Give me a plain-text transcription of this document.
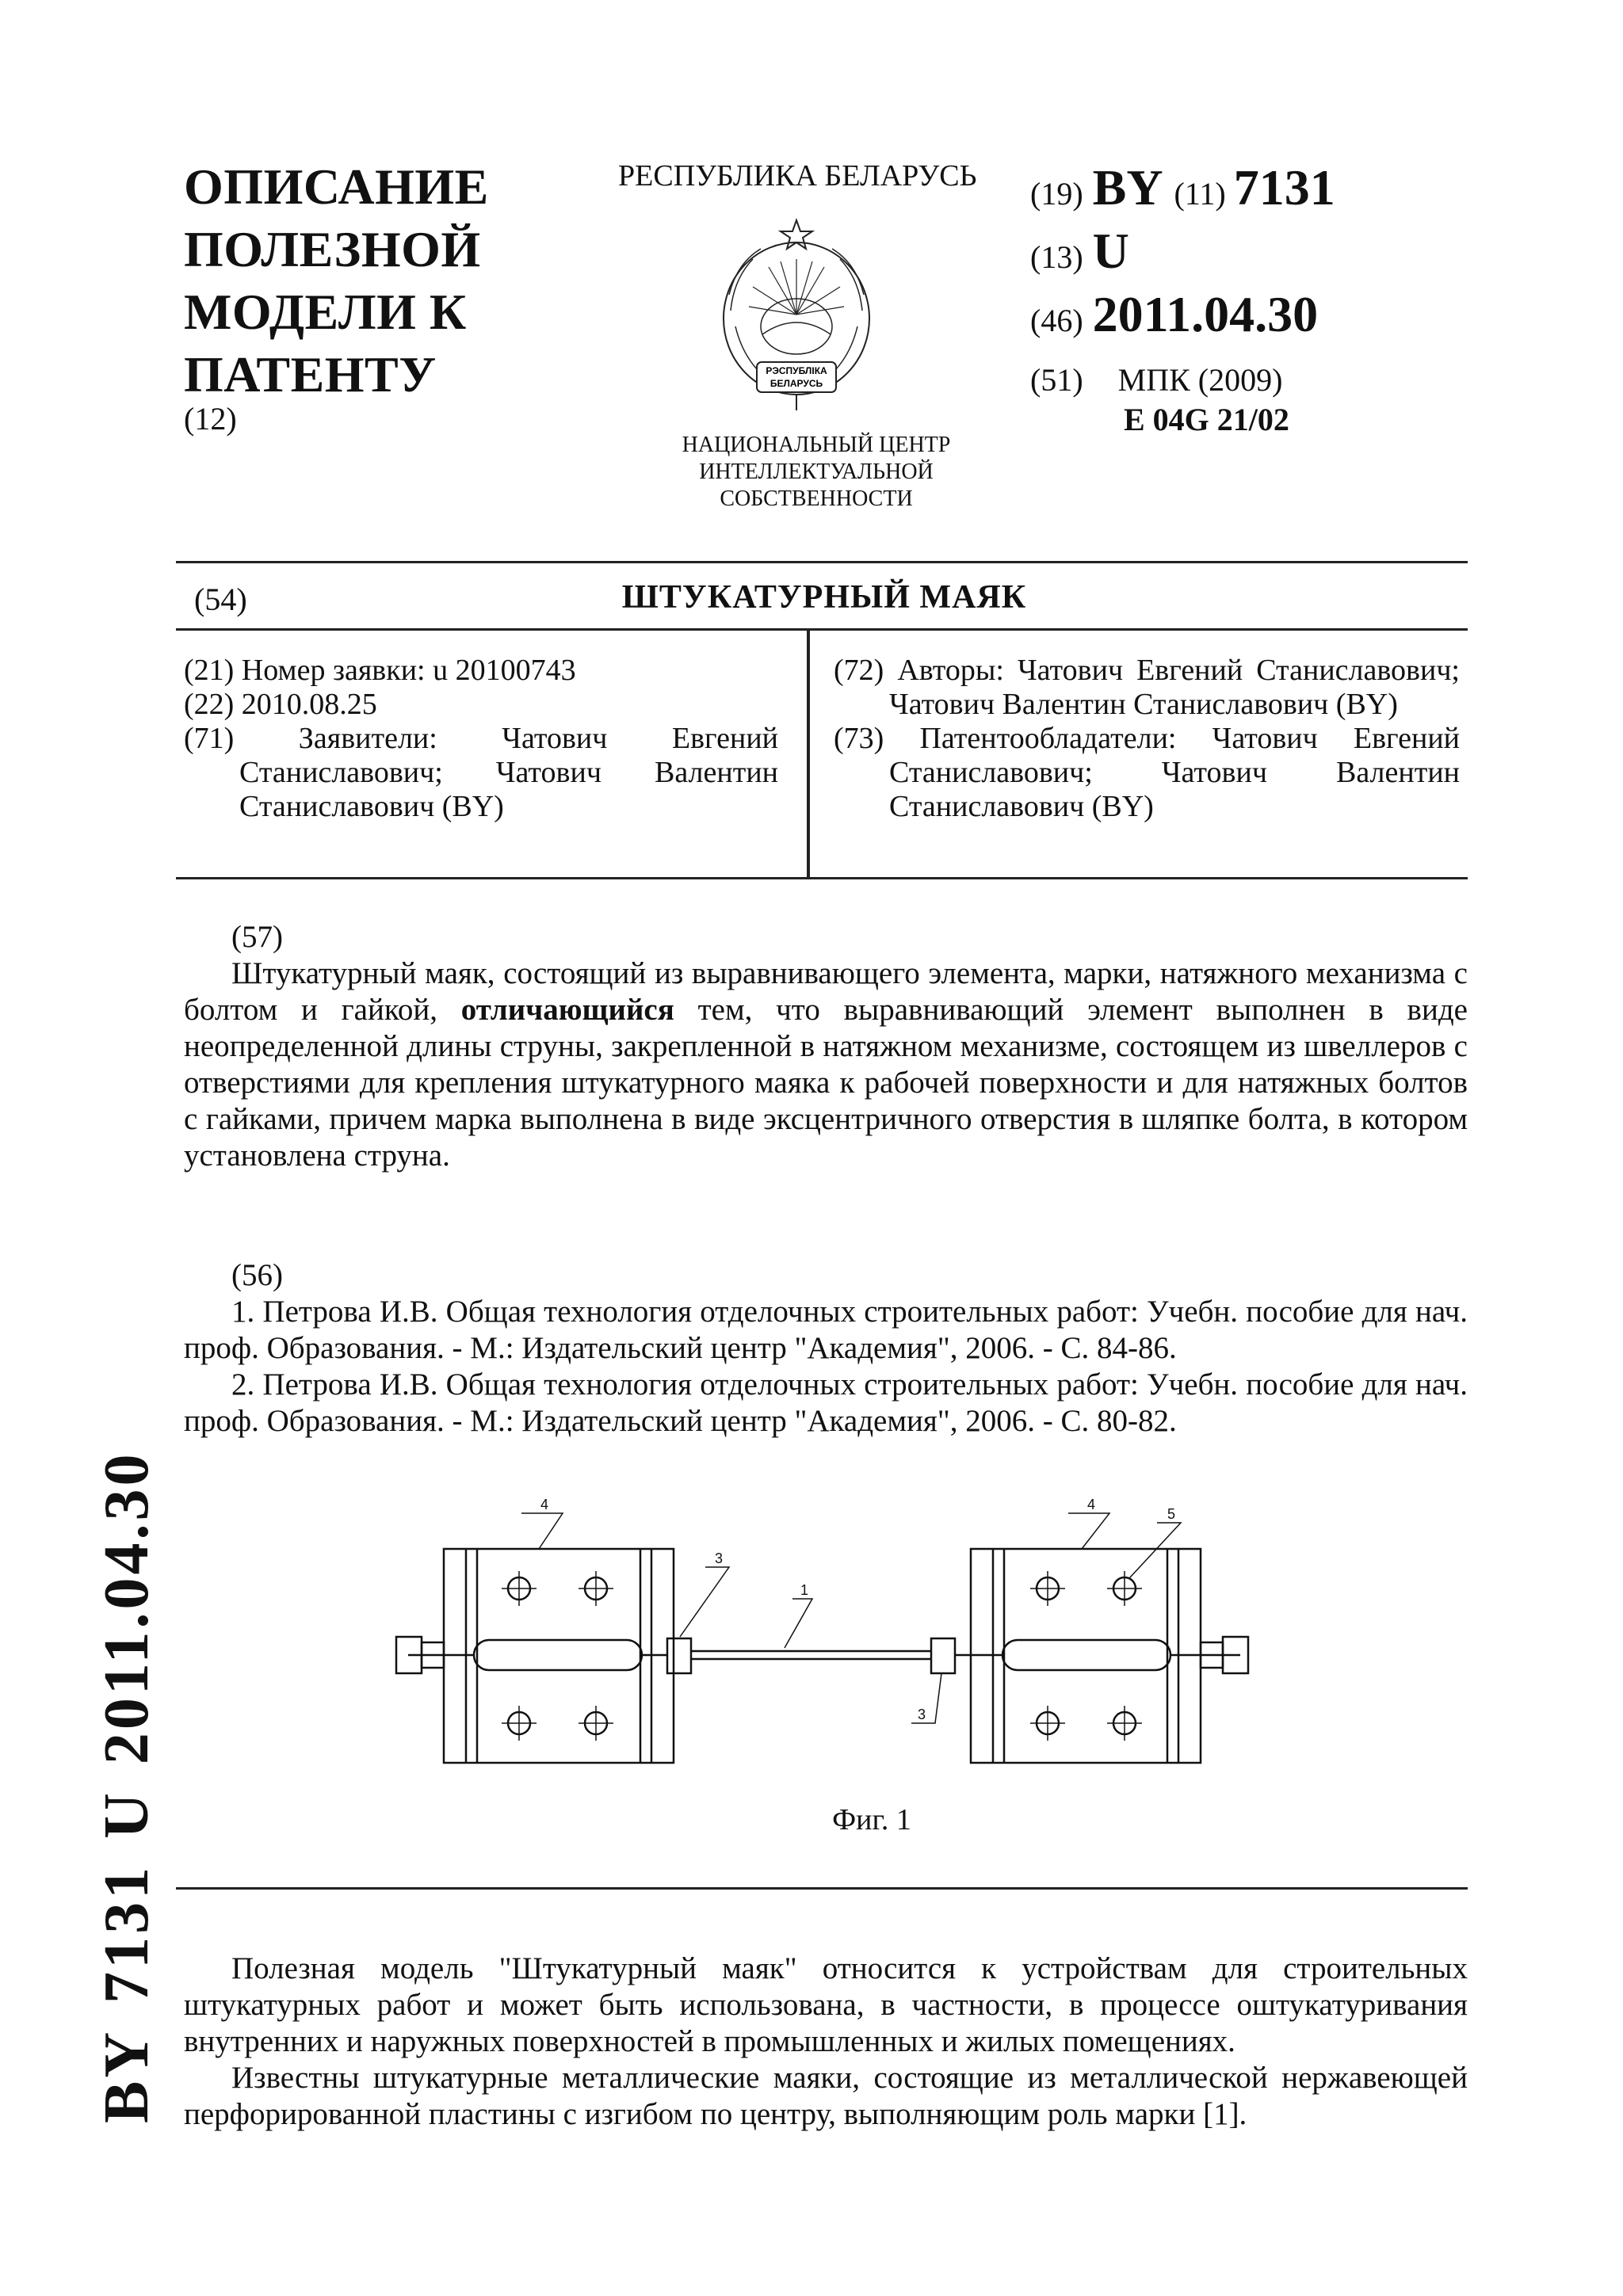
ОПИСАНИЕ
ПОЛЕЗНОЙ
МОДЕЛИ К
ПАТЕНТУ
(12)
РЕСПУБЛИКА БЕЛАРУСЬ
РЭСПУБЛІКА
БЕЛАРУСЬ
НАЦИОНАЛЬНЫЙ ЦЕНТР
ИНТЕЛЛЕКТУАЛЬНОЙ
СОБСТВЕННОСТИ
(19) BY (11) 7131
(13) U
(46) 2011.04.30
(51) МПК (2009)
E 04G 21/02
(54)	ШТУКАТУРНЫЙ МАЯК
(21) Номер заявки: u 20100743
(22) 2010.08.25
(71) Заявители: Чатович Евгений Станиславович; Чатович Валентин Станиславович (BY)
(72) Авторы: Чатович Евгений Станиславович; Чатович Валентин Станиславович (BY)
(73) Патентообладатели: Чатович Евгений Станиславович; Чатович Валентин Станиславович (BY)
(57)
Штукатурный маяк, состоящий из выравнивающего элемента, марки, натяжного механизма с болтом и гайкой, отличающийся тем, что выравнивающий элемент выполнен в виде неопределенной длины струны, закрепленной в натяжном механизме, состоящем из швеллеров с отверстиями для крепления штукатурного маяка к рабочей поверхности и для натяжных болтов с гайками, причем марка выполнена в виде эксцентричного отверстия в шляпке болта, в котором установлена струна.
(56)
1. Петрова И.В. Общая технология отделочных строительных работ: Учебн. пособие для нач. проф. Образования. - М.: Издательский центр "Академия", 2006. - С. 84-86.
2. Петрова И.В. Общая технология отделочных строительных работ: Учебн. пособие для нач. проф. Образования. - М.: Издательский центр "Академия", 2006. - С. 80-82.
4
3
1
4
5
3
Фиг. 1
Полезная модель "Штукатурный маяк" относится к устройствам для строительных штукатурных работ и может быть использована, в частности, в процессе оштукатуривания внутренних и наружных поверхностей в промышленных и жилых помещениях.
Известны штукатурные металлические маяки, состоящие из металлической нержавеющей перфорированной пластины с изгибом по центру, выполняющим роль марки [1].
BY7131U2011.04.30
